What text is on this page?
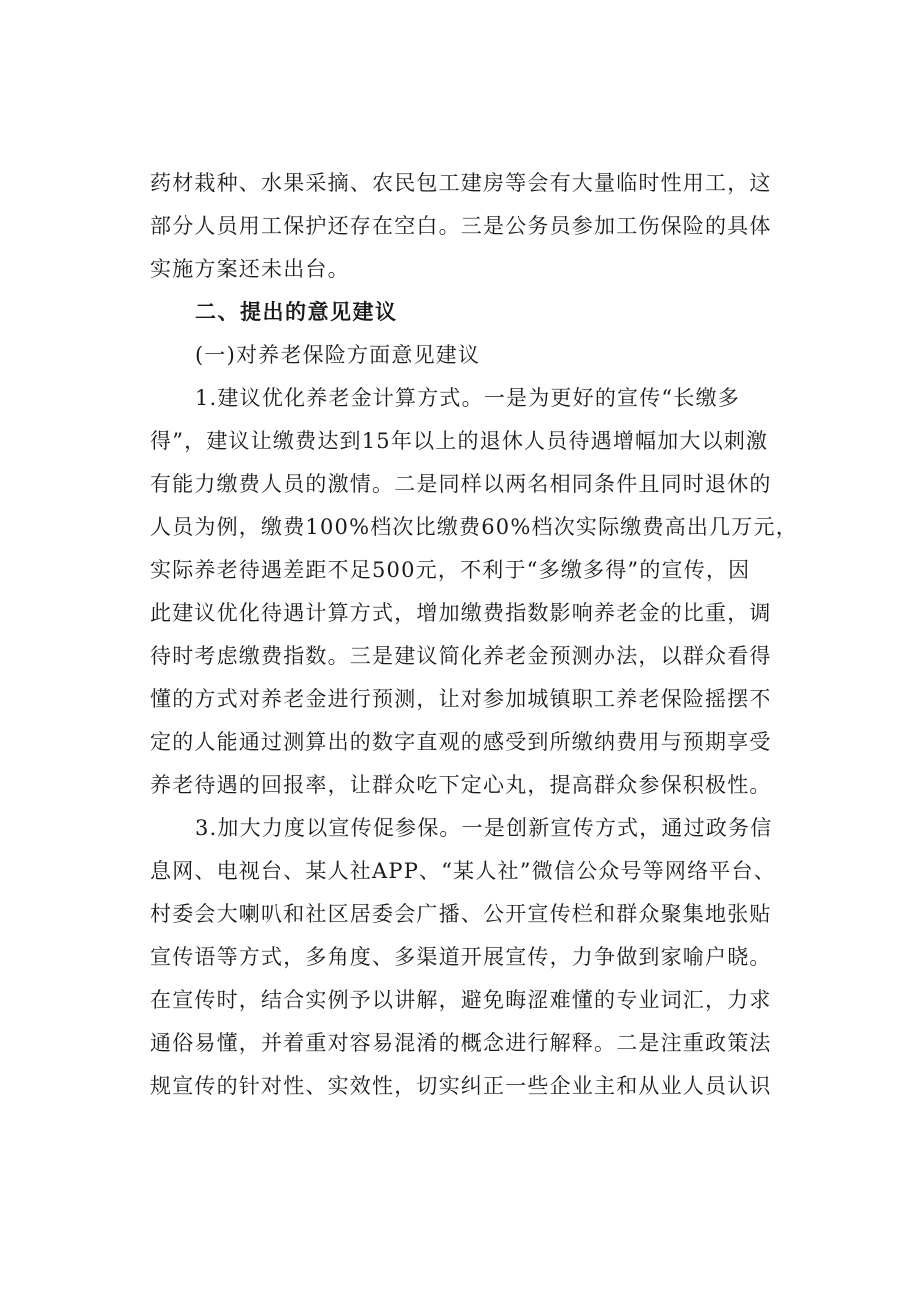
药材栽种、水果采摘、农民包工建房等会有大量临时性用工，这
部分人员用工保护还存在空白。三是公务员参加工伤保险的具体
实施方案还未出台。
二、提出的意见建议
(一)对养老保险方面意见建议
1.建议优化养老金计算方式。一是为更好的宣传“长缴多
得”，建议让缴费达到15年以上的退休人员待遇增幅加大以刺激
有能力缴费人员的激情。二是同样以两名相同条件且同时退休的
人员为例，缴费100%档次比缴费60%档次实际缴费高出几万元，
实际养老待遇差距不足500元，不利于“多缴多得”的宣传，因
此建议优化待遇计算方式，增加缴费指数影响养老金的比重，调
待时考虑缴费指数。三是建议简化养老金预测办法，以群众看得
懂的方式对养老金进行预测，让对参加城镇职工养老保险摇摆不
定的人能通过测算出的数字直观的感受到所缴纳费用与预期享受
养老待遇的回报率，让群众吃下定心丸，提高群众参保积极性。
3.加大力度以宣传促参保。一是创新宣传方式，通过政务信
息网、电视台、某人社APP、“某人社”微信公众号等网络平台、
村委会大喇叭和社区居委会广播、公开宣传栏和群众聚集地张贴
宣传语等方式，多角度、多渠道开展宣传，力争做到家喻户晓。
在宣传时，结合实例予以讲解，避免晦涩难懂的专业词汇，力求
通俗易懂，并着重对容易混淆的概念进行解释。二是注重政策法
规宣传的针对性、实效性，切实纠正一些企业主和从业人员认识
